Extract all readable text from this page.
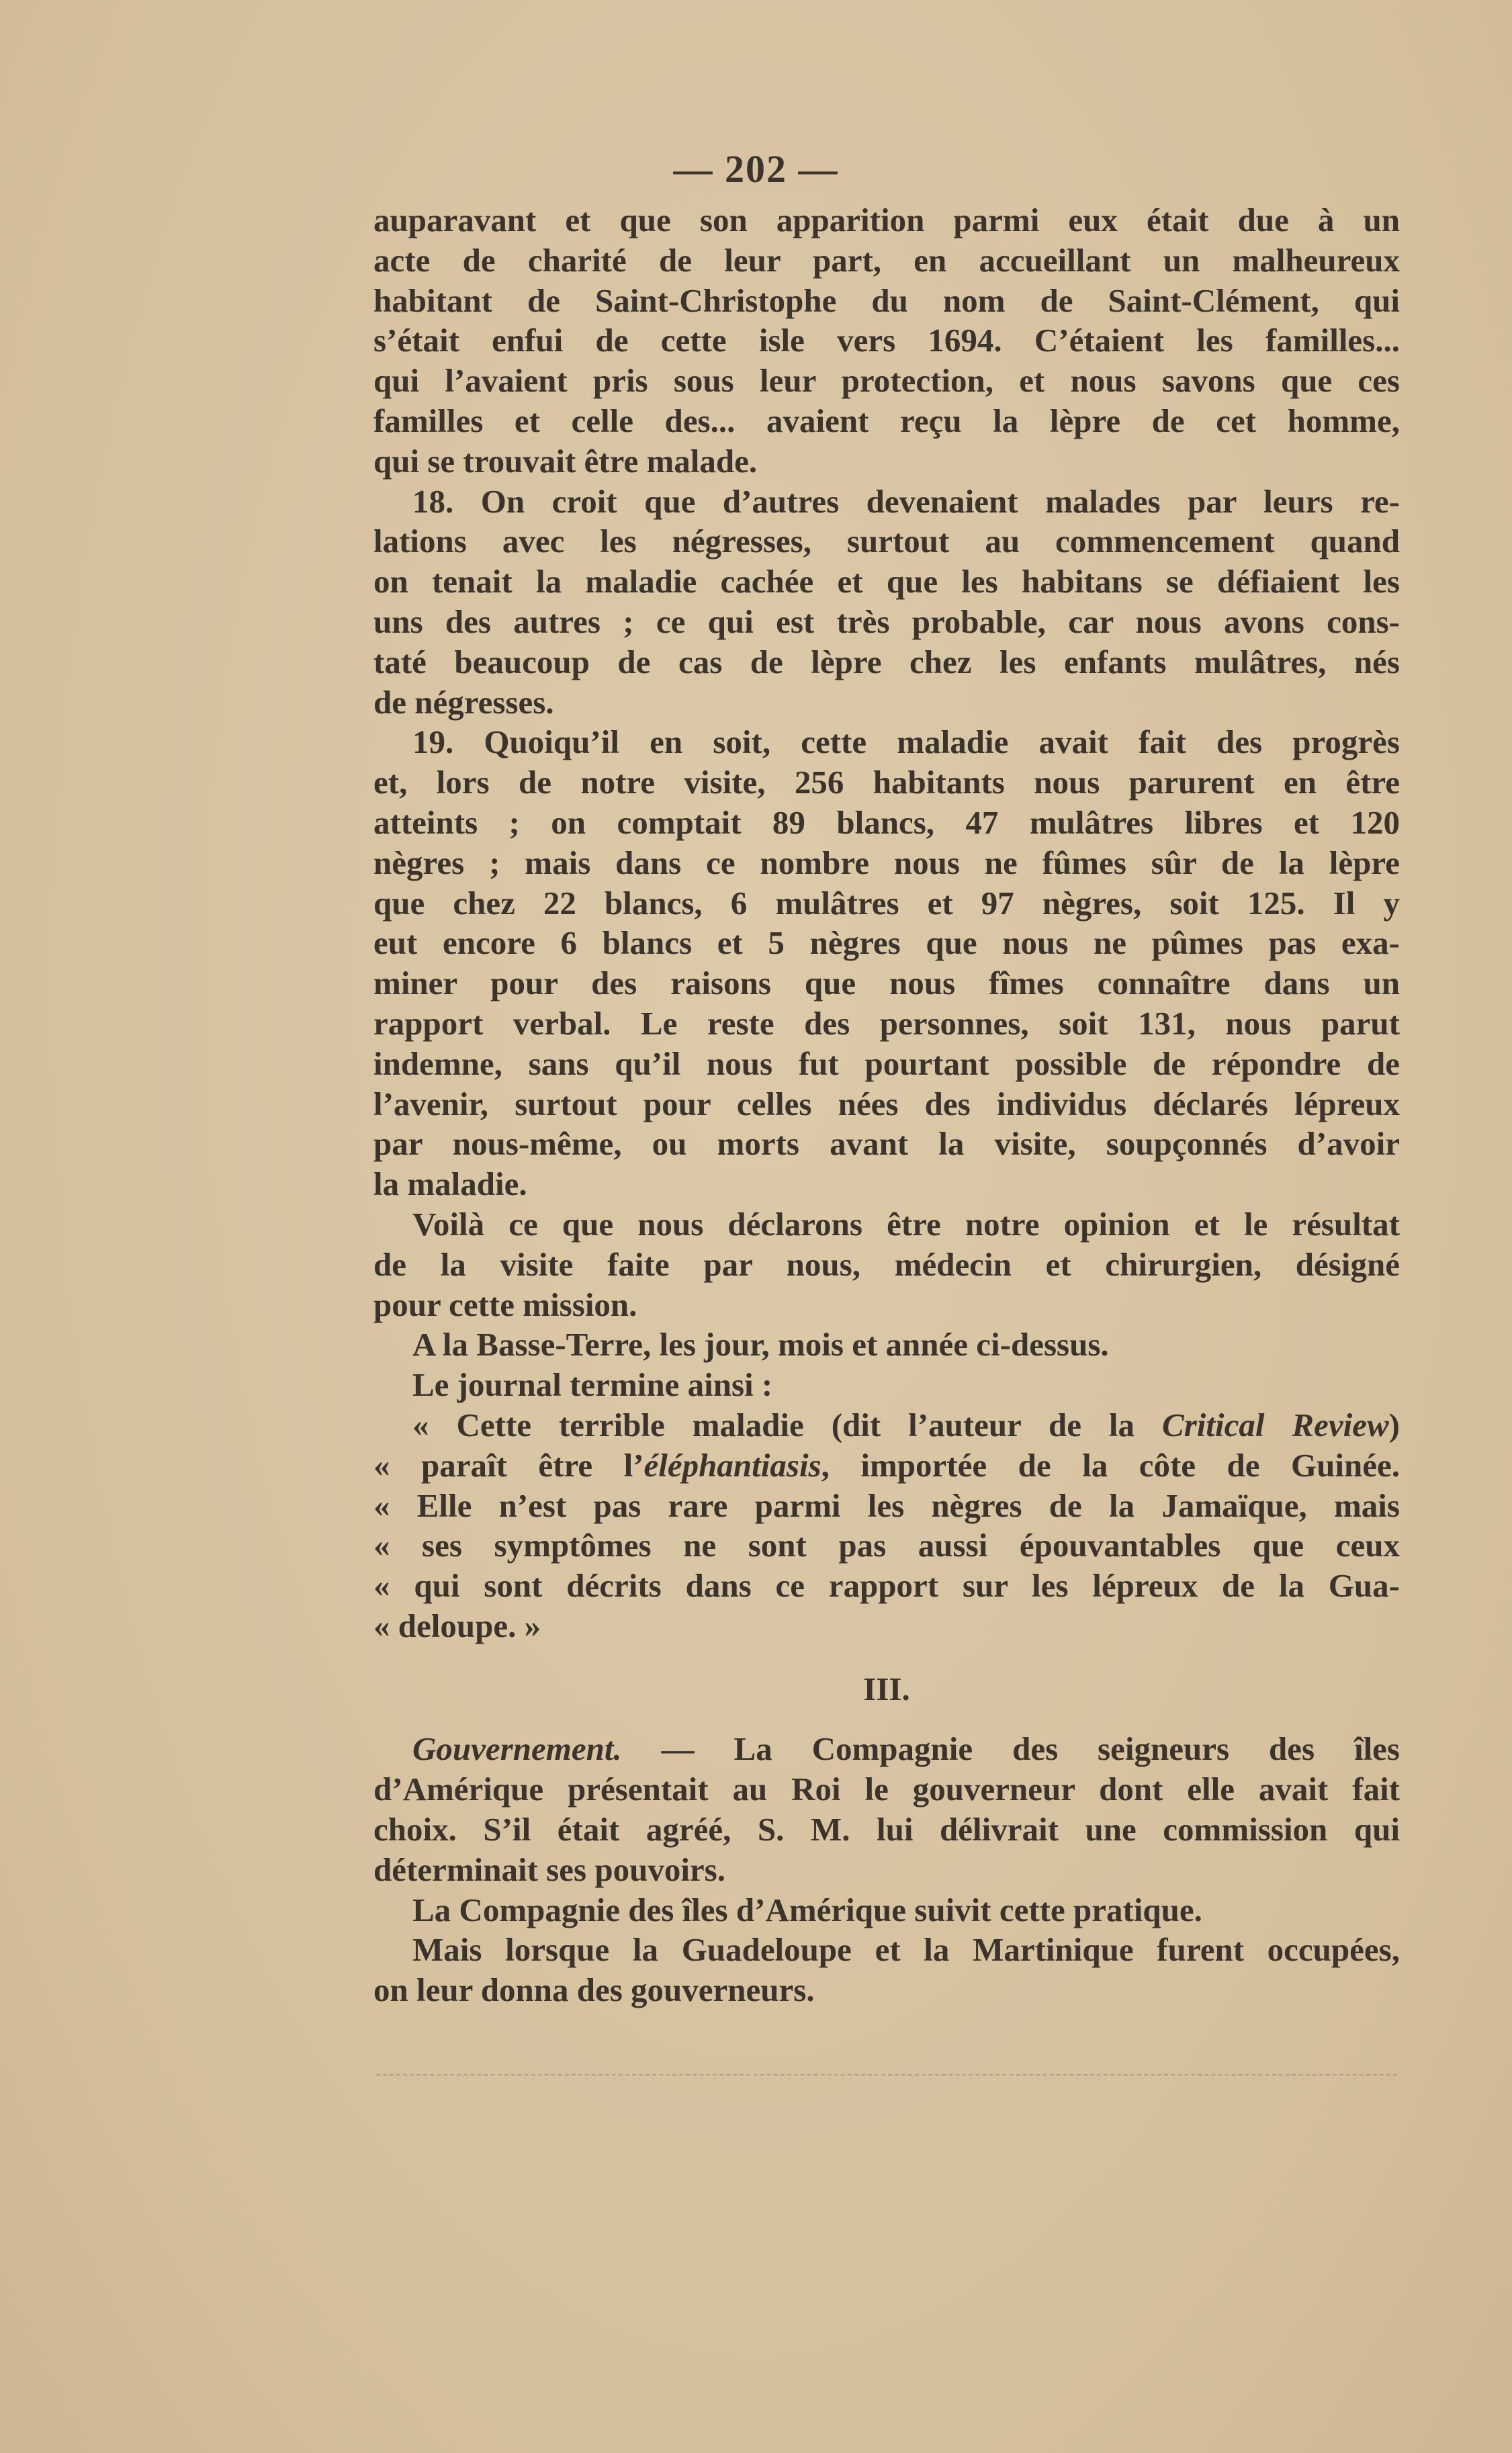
— 202 —
auparavant et que son apparition parmi eux était due à un
acte de charité de leur part, en accueillant un malheureux
habitant de Saint-Christophe du nom de Saint-Clément, qui
s’était enfui de cette isle vers 1694. C’étaient les familles...
qui l’avaient pris sous leur protection, et nous savons que ces
familles et celle des... avaient reçu la lèpre de cet homme,
qui se trouvait être malade.
18. On croit que d’autres devenaient malades par leurs re-
lations avec les négresses, surtout au commencement quand
on tenait la maladie cachée et que les habitans se défiaient les
uns des autres ; ce qui est très probable, car nous avons cons-
taté beaucoup de cas de lèpre chez les enfants mulâtres, nés
de négresses.
19. Quoiqu’il en soit, cette maladie avait fait des progrès
et, lors de notre visite, 256 habitants nous parurent en être
atteints ; on comptait 89 blancs, 47 mulâtres libres et 120
nègres ; mais dans ce nombre nous ne fûmes sûr de la lèpre
que chez 22 blancs, 6 mulâtres et 97 nègres, soit 125. Il y
eut encore 6 blancs et 5 nègres que nous ne pûmes pas exa-
miner pour des raisons que nous fîmes connaître dans un
rapport verbal. Le reste des personnes, soit 131, nous parut
indemne, sans qu’il nous fut pourtant possible de répondre de
l’avenir, surtout pour celles nées des individus déclarés lépreux
par nous-même, ou morts avant la visite, soupçonnés d’avoir
la maladie.
Voilà ce que nous déclarons être notre opinion et le résultat
de la visite faite par nous, médecin et chirurgien, désigné
pour cette mission.
A la Basse-Terre, les jour, mois et année ci-dessus.
Le journal termine ainsi :
« Cette terrible maladie (dit l’auteur de la Critical Review)
« paraît être l’éléphantiasis, importée de la côte de Guinée.
« Elle n’est pas rare parmi les nègres de la Jamaïque, mais
« ses symptômes ne sont pas aussi épouvantables que ceux
« qui sont décrits dans ce rapport sur les lépreux de la Gua-
« deloupe. »
III.
Gouvernement. — La Compagnie des seigneurs des îles
d’Amérique présentait au Roi le gouverneur dont elle avait fait
choix. S’il était agréé, S. M. lui délivrait une commission qui
déterminait ses pouvoirs.
La Compagnie des îles d’Amérique suivit cette pratique.
Mais lorsque la Guadeloupe et la Martinique furent occupées,
on leur donna des gouverneurs.
